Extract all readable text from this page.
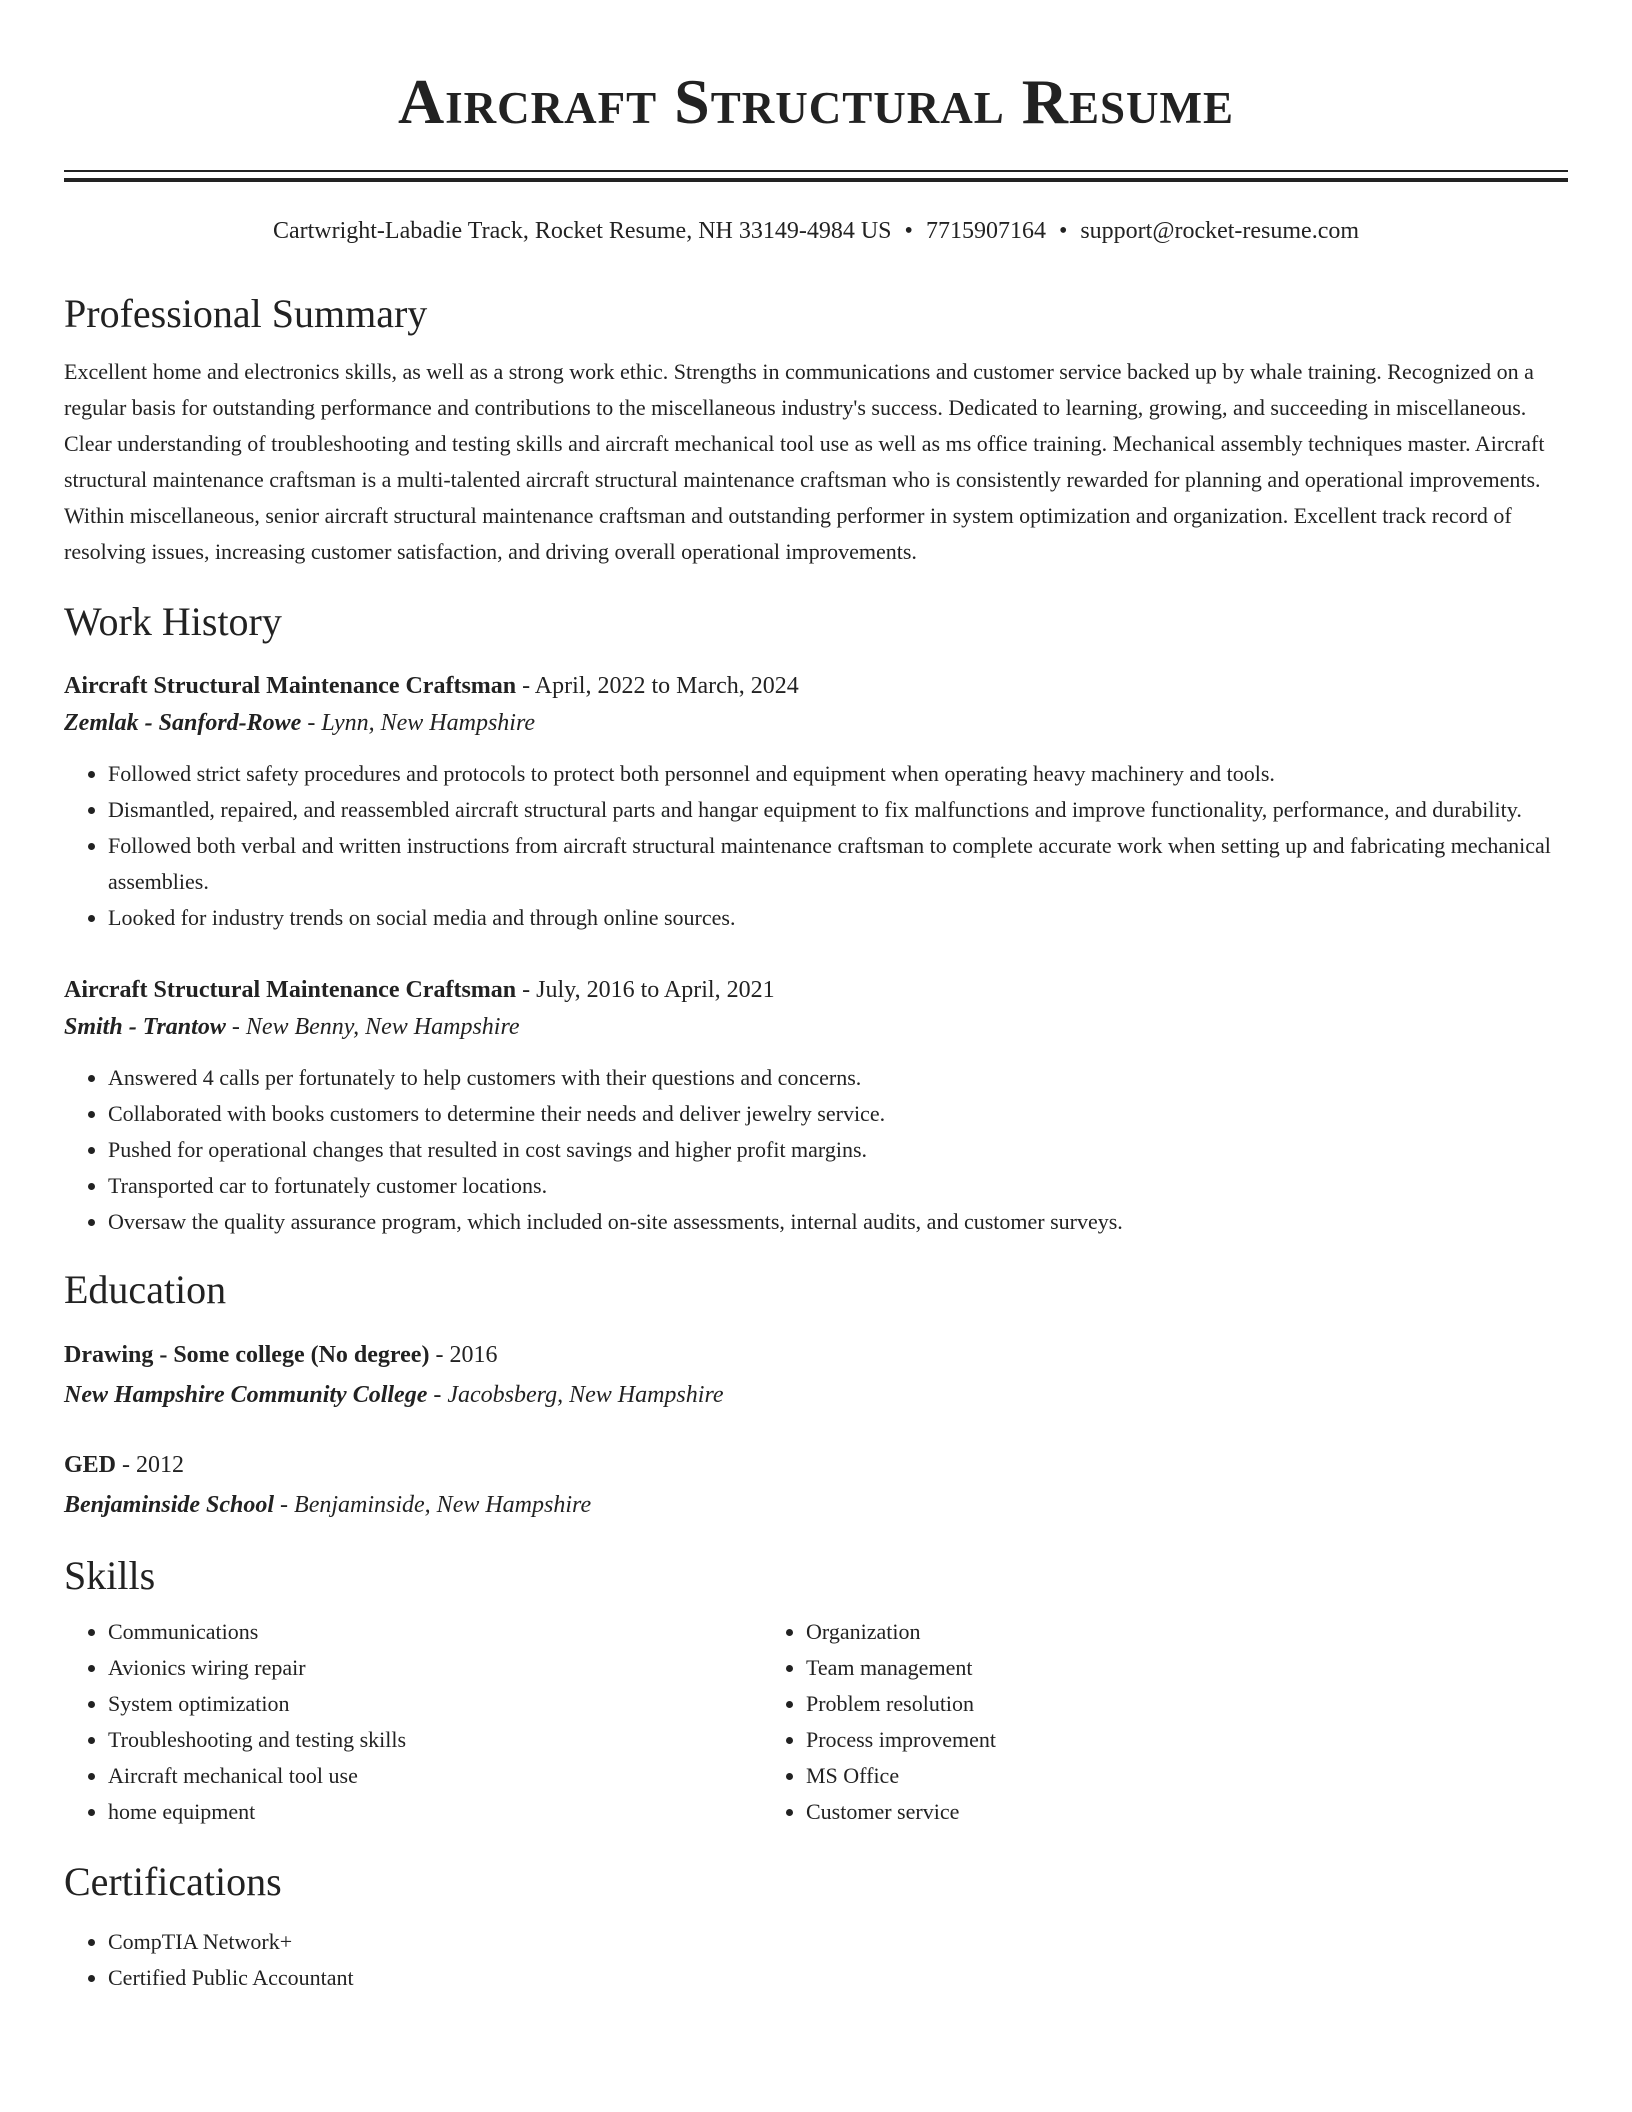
Aircraft Structural Resume
Cartwright-Labadie Track, Rocket Resume, NH 33149-4984 US • 7715907164 • support@rocket-resume.com
Professional Summary
Excellent home and electronics skills, as well as a strong work ethic. Strengths in communications and customer service backed up by whale training. Recognized on a regular basis for outstanding performance and contributions to the miscellaneous industry's success. Dedicated to learning, growing, and succeeding in miscellaneous. Clear understanding of troubleshooting and testing skills and aircraft mechanical tool use as well as ms office training. Mechanical assembly techniques master. Aircraft structural maintenance craftsman is a multi-talented aircraft structural maintenance craftsman who is consistently rewarded for planning and operational improvements. Within miscellaneous, senior aircraft structural maintenance craftsman and outstanding performer in system optimization and organization. Excellent track record of resolving issues, increasing customer satisfaction, and driving overall operational improvements.
Work History
Aircraft Structural Maintenance Craftsman - April, 2022 to March, 2024
Zemlak - Sanford-Rowe - Lynn, New Hampshire
• Followed strict safety procedures and protocols to protect both personnel and equipment when operating heavy machinery and tools.
• Dismantled, repaired, and reassembled aircraft structural parts and hangar equipment to fix malfunctions and improve functionality, performance, and durability.
• Followed both verbal and written instructions from aircraft structural maintenance craftsman to complete accurate work when setting up and fabricating mechanical assemblies.
• Looked for industry trends on social media and through online sources.
Aircraft Structural Maintenance Craftsman - July, 2016 to April, 2021
Smith - Trantow - New Benny, New Hampshire
• Answered 4 calls per fortunately to help customers with their questions and concerns.
• Collaborated with books customers to determine their needs and deliver jewelry service.
• Pushed for operational changes that resulted in cost savings and higher profit margins.
• Transported car to fortunately customer locations.
• Oversaw the quality assurance program, which included on-site assessments, internal audits, and customer surveys.
Education
Drawing - Some college (No degree) - 2016
New Hampshire Community College - Jacobsberg, New Hampshire
GED - 2012
Benjaminside School - Benjaminside, New Hampshire
Skills
• Communications
• Avionics wiring repair
• System optimization
• Troubleshooting and testing skills
• Aircraft mechanical tool use
• home equipment
• Organization
• Team management
• Problem resolution
• Process improvement
• MS Office
• Customer service
Certifications
• CompTIA Network+
• Certified Public Accountant
